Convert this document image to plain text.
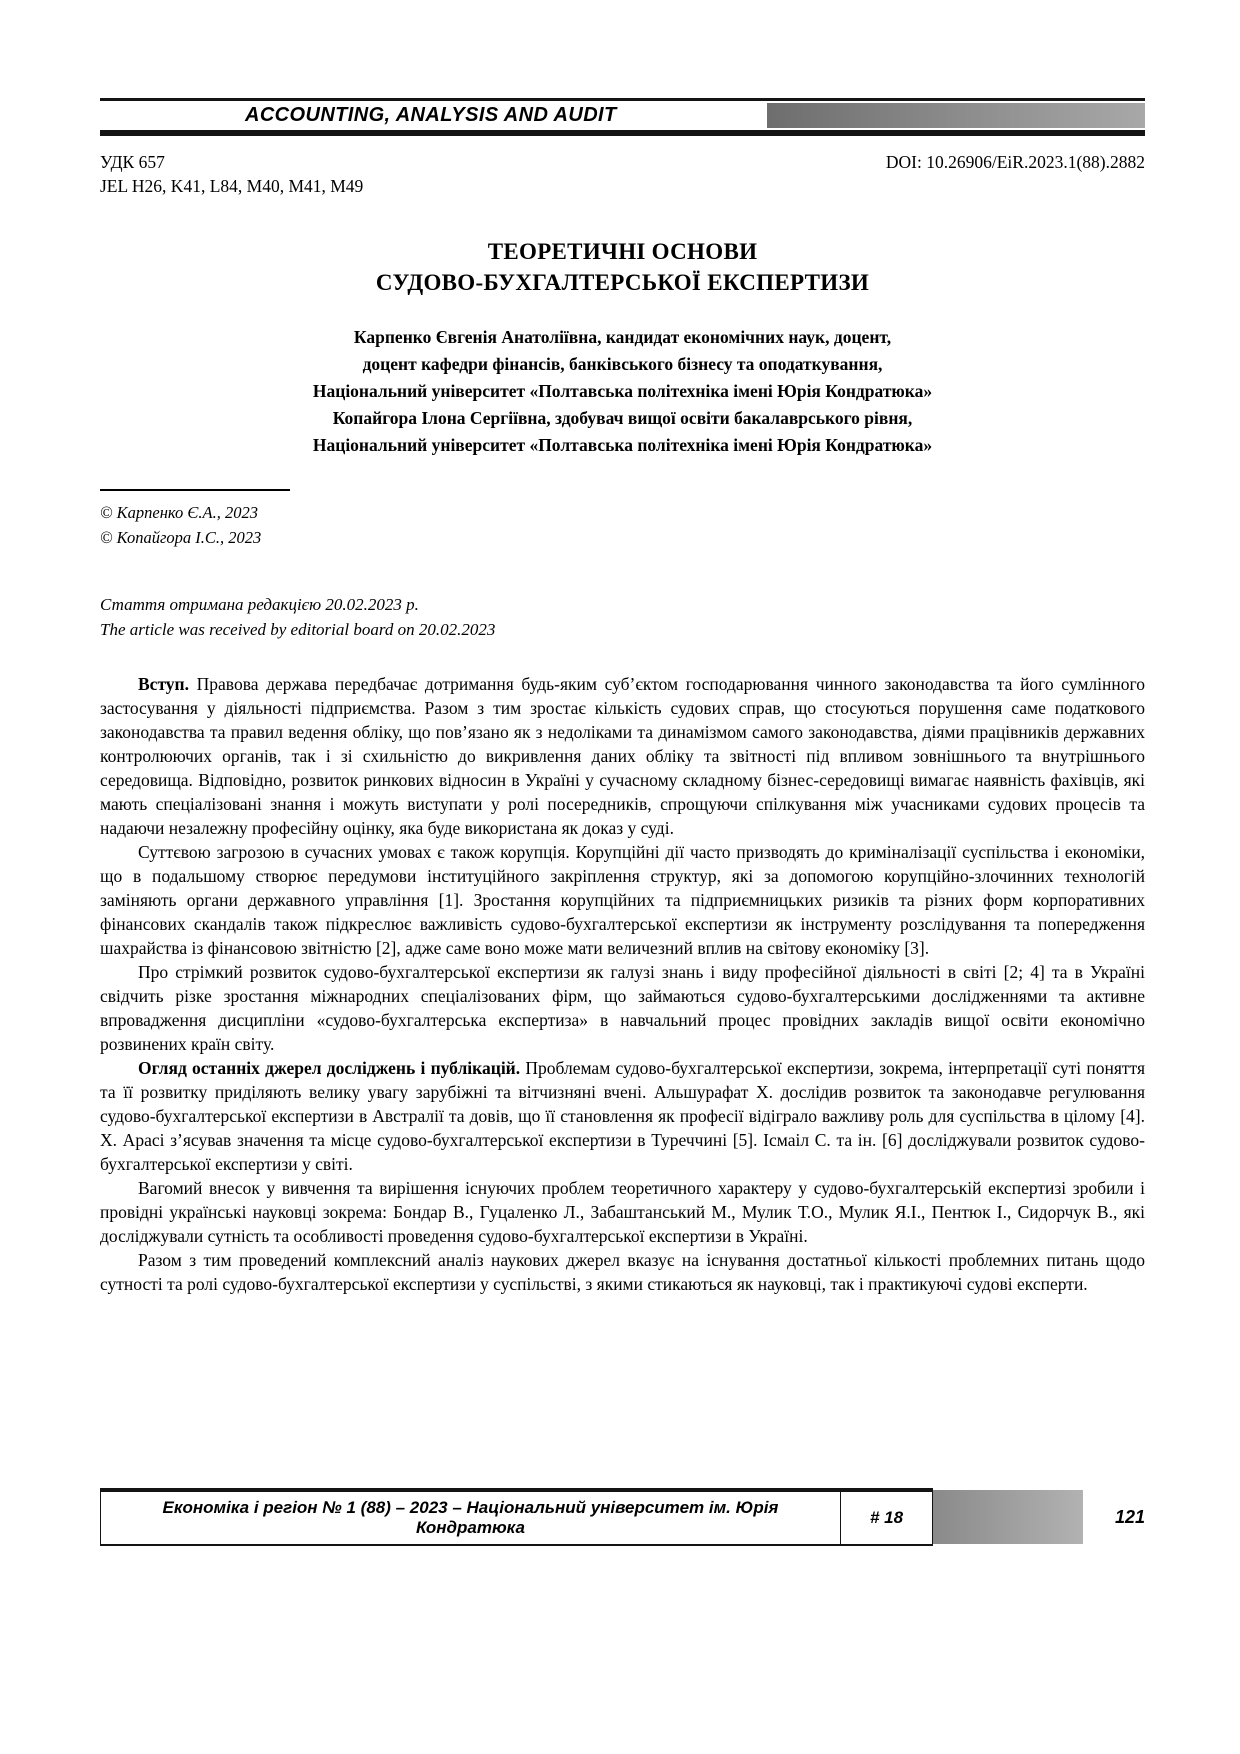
ACCOUNTING, ANALYSIS AND AUDIT
УДК 657	DOI: 10.26906/EiR.2023.1(88).2882
JEL H26, K41, L84, M40, M41, M49
ТЕОРЕТИЧНІ ОСНОВИ
СУДОВО-БУХГАЛТЕРСЬКОЇ ЕКСПЕРТИЗИ
Карпенко Євгенія Анатоліївна, кандидат економічних наук, доцент,
доцент кафедри фінансів, банківського бізнесу та оподаткування,
Національний університет «Полтавська політехніка імені Юрія Кондратюка»
Копайгора Ілона Сергіївна, здобувач вищої освіти бакалаврського рівня,
Національний університет «Полтавська політехніка імені Юрія Кондратюка»
© Карпенко Є.А., 2023
© Копайгора І.С., 2023
Стаття отримана редакцією 20.02.2023 р.
The article was received by editorial board on 20.02.2023

Вступ. Правова держава передбачає дотримання будь-яким суб’єктом господарювання чинного законодавства та його сумлінного застосування у діяльності підприємства. Разом з тим зростає кількість судових справ, що стосуються порушення саме податкового законодавства та правил ведення обліку, що пов’язано як з недоліками та динамізмом самого законодавства, діями працівників державних контролюючих органів, так і зі схильністю до викривлення даних обліку та звітності під впливом зовнішнього та внутрішнього середовища. Відповідно, розвиток ринкових відносин в Україні у сучасному складному бізнес-середовищі вимагає наявність фахівців, які мають спеціалізовані знання і можуть виступати у ролі посередників, спрощуючи спілкування між учасниками судових процесів та надаючи незалежну професійну оцінку, яка буде використана як доказ у суді.

Суттєвою загрозою в сучасних умовах є також корупція. Корупційні дії часто призводять до криміналізації суспільства і економіки, що в подальшому створює передумови інституційного закріплення структур, які за допомогою корупційно-злочинних технологій заміняють органи державного управління [1]. Зростання корупційних та підприємницьких ризиків та різних форм корпоративних фінансових скандалів також підкреслює важливість судово-бухгалтерської експертизи як інструменту розслідування та попередження шахрайства із фінансовою звітністю [2], адже саме воно може мати величезний вплив на світову економіку [3].

Про стрімкий розвиток судово-бухгалтерської експертизи як галузі знань і виду професійної діяльності в світі [2; 4] та в Україні свідчить різке зростання міжнародних спеціалізованих фірм, що займаються судово-бухгалтерськими дослідженнями та активне впровадження дисципліни «судово-бухгалтерська експертиза» в навчальний процес провідних закладів вищої освіти економічно розвинених країн світу.

Огляд останніх джерел досліджень і публікацій. Проблемам судово-бухгалтерської експертизи, зокрема, інтерпретації суті поняття та її розвитку приділяють велику увагу зарубіжні та вітчизняні вчені. Альшурафат Х. дослідив розвиток та законодавче регулювання судово-бухгалтерської експертизи в Австралії та довів, що її становлення як професії відіграло важливу роль для суспільства в цілому [4]. Х. Арасі з’ясував значення та місце судово-бухгалтерської експертизи в Туреччині [5]. Ісмаіл С. та ін. [6] досліджували розвиток судово-бухгалтерської експертизи у світі.

Вагомий внесок у вивчення та вирішення існуючих проблем теоретичного характеру у судово-бухгалтерській експертизі зробили і провідні українські науковці зокрема: Бондар В., Гуцаленко Л., Забаштанський М., Мулик Т.О., Мулик Я.І., Пентюк І., Сидорчук В., які досліджували сутність та особливості проведення судово-бухгалтерської експертизи в Україні.

Разом з тим проведений комплексний аналіз наукових джерел вказує на існування достатньої кількості проблемних питань щодо сутності та ролі судово-бухгалтерської експертизи у суспільстві, з якими стикаються як науковці, так і практикуючі судові експерти.

Економіка і регіон № 1 (88) – 2023 – Національний університет ім. Юрія Кондратюка
# 18	121
